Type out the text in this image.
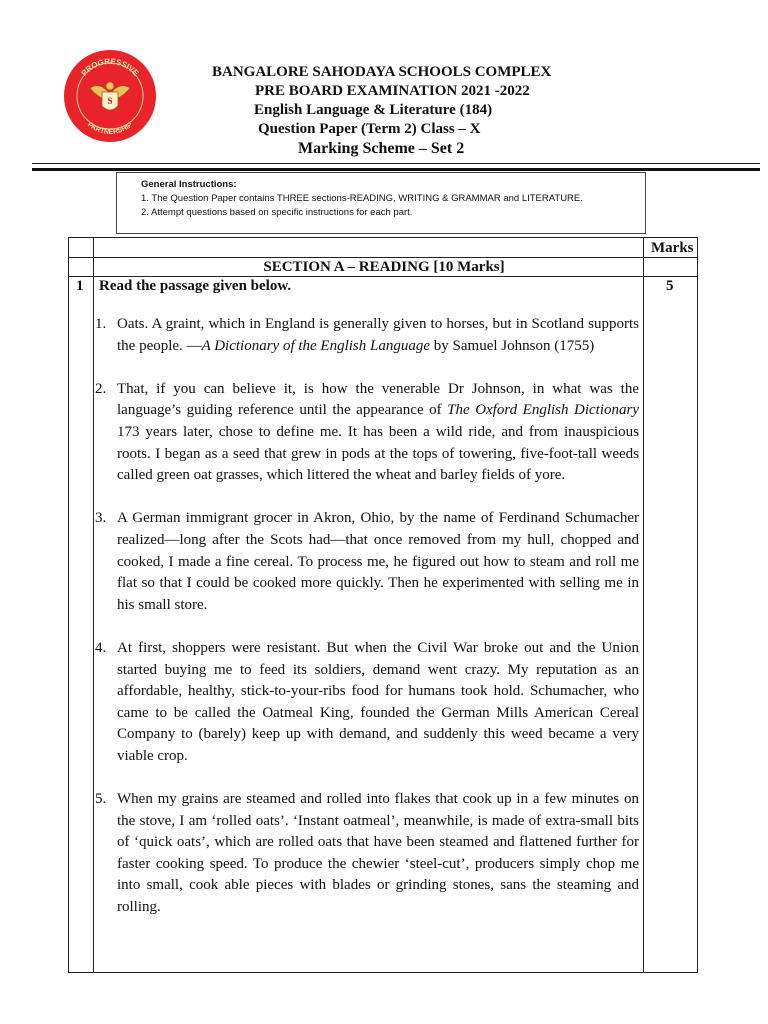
PROGRESSIVE
PARTNERSHIP
S
BANGALORE SAHODAYA SCHOOLS COMPLEX
PRE BOARD EXAMINATION 2021 -2022
English Language & Literature (184)
Question Paper (Term 2) Class – X
Marking Scheme – Set 2
General Instructions:
1. The Question Paper contains THREE sections-READING, WRITING & GRAMMAR and LITERATURE.
2. Attempt questions based on specific instructions for each part.
Marks
SECTION A – READING [10 Marks]
1 Read the passage given below.	5

1. Oats. A graint, which in England is generally given to horses, but in Scotland supports the people. —A Dictionary of the English Language by Samuel Johnson (1755)

2. That, if you can believe it, is how the venerable Dr Johnson, in what was the language’s guiding reference until the appearance of The Oxford English Dictionary 173 years later, chose to define me. It has been a wild ride, and from inauspicious roots. I began as a seed that grew in pods at the tops of towering, five-foot-tall weeds called green oat grasses, which littered the wheat and barley fields of yore.

3. A German immigrant grocer in Akron, Ohio, by the name of Ferdinand Schumacher realized—long after the Scots had—that once removed from my hull, chopped and cooked, I made a fine cereal. To process me, he figured out how to steam and roll me flat so that I could be cooked more quickly. Then he experimented with selling me in his small store.

4. At first, shoppers were resistant. But when the Civil War broke out and the Union started buying me to feed its soldiers, demand went crazy. My reputation as an affordable, healthy, stick-to-your-ribs food for humans took hold. Schumacher, who came to be called the Oatmeal King, founded the German Mills American Cereal Company to (barely) keep up with demand, and suddenly this weed became a very viable crop.

5. When my grains are steamed and rolled into flakes that cook up in a few minutes on the stove, I am ‘rolled oats’. ‘Instant oatmeal’, meanwhile, is made of extra-small bits of ‘quick oats’, which are rolled oats that have been steamed and flattened further for faster cooking speed. To produce the chewier ‘steel-cut’, producers simply chop me into small, cook able pieces with blades or grinding stones, sans the steaming and rolling.
